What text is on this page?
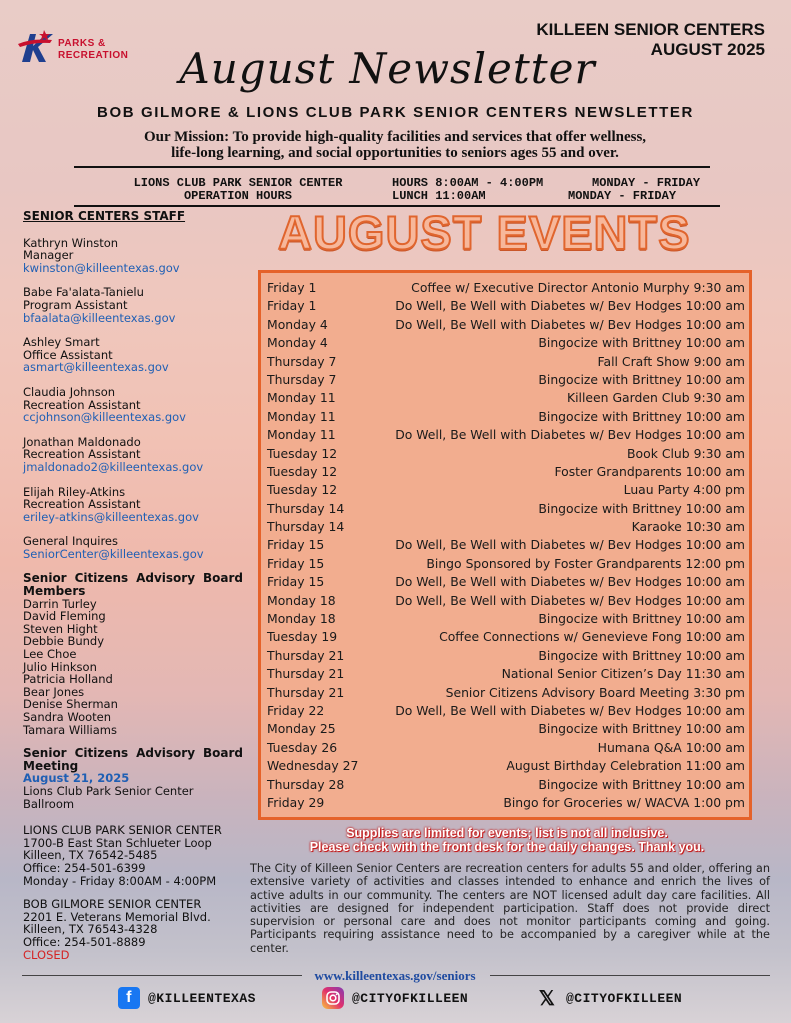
PARKS &
RECREATION
KILLEEN SENIOR CENTERS
AUGUST 2025
August Newsletter
BOB GILMORE & LIONS CLUB PARK SENIOR CENTERS NEWSLETTER
Our Mission: To provide high-quality facilities and services that offer wellness,
life-long learning, and social opportunities to seniors ages 55 and over.
LIONS CLUB PARK SENIOR CENTER
OPERATION HOURS
HOURS 8:00AM - 4:00PM	MONDAY - FRIDAY
LUNCH 11:00AM	MONDAY - FRIDAY
SENIOR CENTERS STAFF
Kathryn Winston
Manager
kwinston@killeentexas.gov
Babe Fa'alata-Tanielu
Program Assistant
bfaalata@killeentexas.gov
Ashley Smart
Office Assistant
asmart@killeentexas.gov
Claudia Johnson
Recreation Assistant
ccjohnson@killeentexas.gov
Jonathan Maldonado
Recreation Assistant
jmaldonado2@killeentexas.gov
Elijah Riley-Atkins
Recreation Assistant
eriley-atkins@killeentexas.gov
General Inquires
SeniorCenter@killeentexas.gov
Senior Citizens Advisory Board
Members
Darrin Turley
David Fleming
Steven Hight
Debbie Bundy
Lee Choe
Julio Hinkson
Patricia Holland
Bear Jones
Denise Sherman
Sandra Wooten
Tamara Williams
Senior Citizens Advisory Board
Meeting
August 21, 2025
Lions Club Park Senior Center
Ballroom
LIONS CLUB PARK SENIOR CENTER
1700-B East Stan Schlueter Loop
Killeen, TX 76542-5485
Office: 254-501-6399
Monday - Friday 8:00AM - 4:00PM
BOB GILMORE SENIOR CENTER
2201 E. Veterans Memorial Blvd.
Killeen, TX 76543-4328
Office: 254-501-8889
CLOSED
AUGUST EVENTS
Friday 1	Coffee w/ Executive Director Antonio Murphy 9:30 am
Friday 1	Do Well, Be Well with Diabetes w/ Bev Hodges 10:00 am
Monday 4	Do Well, Be Well with Diabetes w/ Bev Hodges 10:00 am
Monday 4	Bingocize with Brittney 10:00 am
Thursday 7	Fall Craft Show 9:00 am
Thursday 7	Bingocize with Brittney 10:00 am
Monday 11	Killeen Garden Club 9:30 am
Monday 11	Bingocize with Brittney 10:00 am
Monday 11	Do Well, Be Well with Diabetes w/ Bev Hodges 10:00 am
Tuesday 12	Book Club 9:30 am
Tuesday 12	Foster Grandparents 10:00 am
Tuesday 12	Luau Party 4:00 pm
Thursday 14	Bingocize with Brittney 10:00 am
Thursday 14	Karaoke 10:30 am
Friday 15	Do Well, Be Well with Diabetes w/ Bev Hodges 10:00 am
Friday 15	Bingo Sponsored by Foster Grandparents 12:00 pm
Friday 15	Do Well, Be Well with Diabetes w/ Bev Hodges 10:00 am
Monday 18	Do Well, Be Well with Diabetes w/ Bev Hodges 10:00 am
Monday 18	Bingocize with Brittney 10:00 am
Tuesday 19	Coffee Connections w/ Genevieve Fong 10:00 am
Thursday 21	Bingocize with Brittney 10:00 am
Thursday 21	National Senior Citizen’s Day 11:30 am
Thursday 21	Senior Citizens Advisory Board Meeting 3:30 pm
Friday 22	Do Well, Be Well with Diabetes w/ Bev Hodges 10:00 am
Monday 25	Bingocize with Brittney 10:00 am
Tuesday 26	Humana Q&A 10:00 am
Wednesday 27	August Birthday Celebration 11:00 am
Thursday 28	Bingocize with Brittney 10:00 am
Friday 29	Bingo for Groceries w/ WACVA 1:00 pm
Supplies are limited for events; list is not all inclusive.
Please check with the front desk for the daily changes. Thank you.
The City of Killeen Senior Centers are recreation centers for adults 55 and older, offering an extensive variety of activities and classes intended to enhance and enrich the lives of active adults in our community. The centers are NOT licensed adult day care facilities. All activities are designed for independent participation. Staff does not provide direct supervision or personal care and does not monitor participants coming and going. Participants requiring assistance need to be accompanied by a caregiver while at the center.
www.killeentexas.gov/seniors
f	@KILLEENTEXAS	@CITYOFKILLEEN	𝕏 @CITYOFKILLEEN
